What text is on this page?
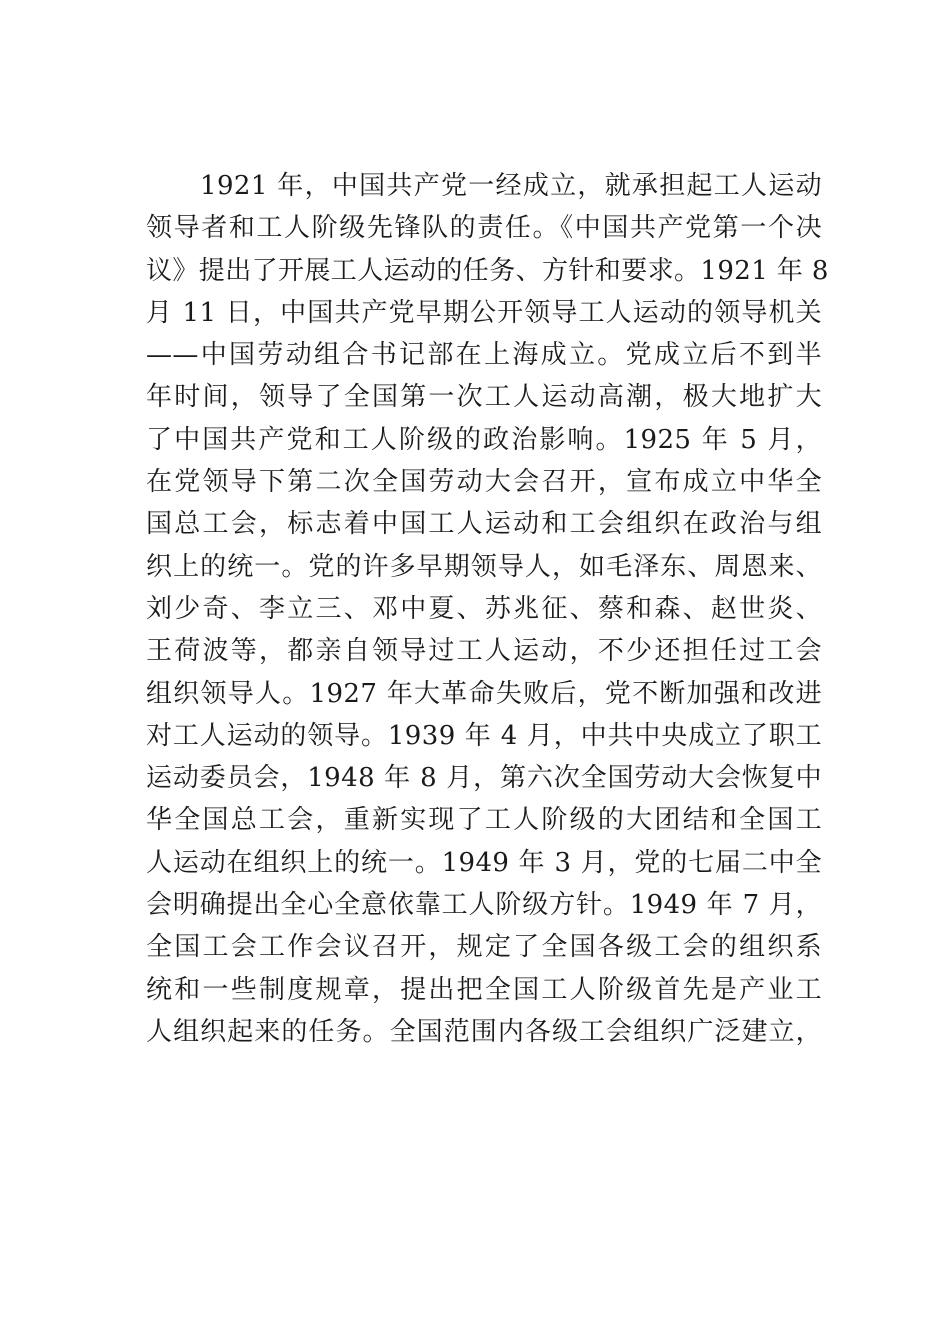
1921 年，中国共产党一经成立，就承担起工人运动
领导者和工人阶级先锋队的责任。《中国共产党第一个决
议》提出了开展工人运动的任务、方针和要求。1921 年 8
月 11 日，中国共产党早期公开领导工人运动的领导机关
——中国劳动组合书记部在上海成立。党成立后不到半
年时间，领导了全国第一次工人运动高潮，极大地扩大
了中国共产党和工人阶级的政治影响。1925 年 5 月，
在党领导下第二次全国劳动大会召开，宣布成立中华全
国总工会，标志着中国工人运动和工会组织在政治与组
织上的统一。党的许多早期领导人，如毛泽东、周恩来、
刘少奇、李立三、邓中夏、苏兆征、蔡和森、赵世炎、
王荷波等，都亲自领导过工人运动，不少还担任过工会
组织领导人。1927 年大革命失败后，党不断加强和改进
对工人运动的领导。1939 年 4 月，中共中央成立了职工
运动委员会，1948 年 8 月，第六次全国劳动大会恢复中
华全国总工会，重新实现了工人阶级的大团结和全国工
人运动在组织上的统一。1949 年 3 月，党的七届二中全
会明确提出全心全意依靠工人阶级方针。1949 年 7 月，
全国工会工作会议召开，规定了全国各级工会的组织系
统和一些制度规章，提出把全国工人阶级首先是产业工
人组织起来的任务。全国范围内各级工会组织广泛建立，
